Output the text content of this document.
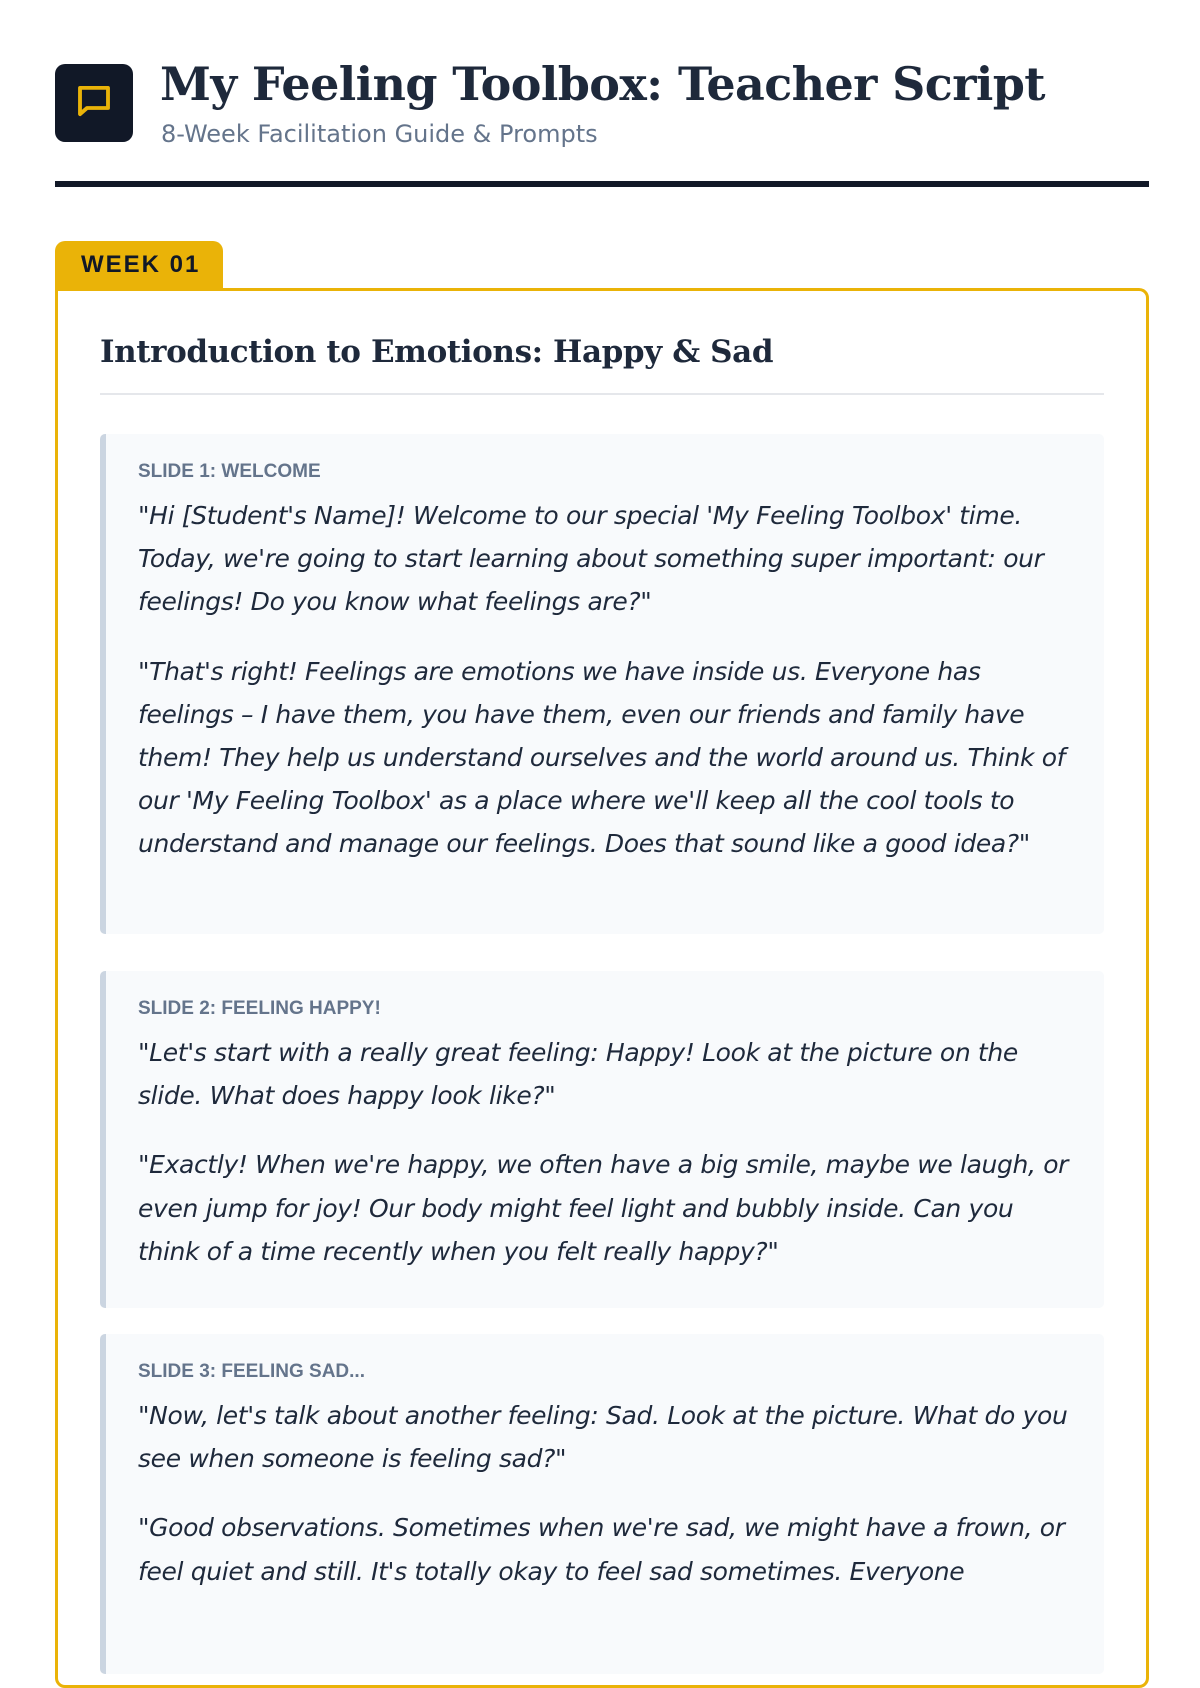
My Feeling Toolbox: Teacher Script
8-Week Facilitation Guide & Prompts
WEEK 01
Introduction to Emotions: Happy & Sad
SLIDE 1: WELCOME

"Hi [Student's Name]! Welcome to our special 'My Feeling Toolbox' time. Today, we're going to start learning about something super important: our feelings! Do you know what feelings are?"

"That's right! Feelings are emotions we have inside us. Everyone has feelings – I have them, you have them, even our friends and family have them! They help us understand ourselves and the world around us. Think of our 'My Feeling Toolbox' as a place where we'll keep all the cool tools to understand and manage our feelings. Does that sound like a good idea?"

SLIDE 2: FEELING HAPPY!

"Let's start with a really great feeling: Happy! Look at the picture on the slide. What does happy look like?"

"Exactly! When we're happy, we often have a big smile, maybe we laugh, or even jump for joy! Our body might feel light and bubbly inside. Can you think of a time recently when you felt really happy?"

SLIDE 3: FEELING SAD...

"Now, let's talk about another feeling: Sad. Look at the picture. What do you see when someone is feeling sad?"

"Good observations. Sometimes when we're sad, we might have a frown, or feel quiet and still. It's totally okay to feel sad sometimes. Everyone
